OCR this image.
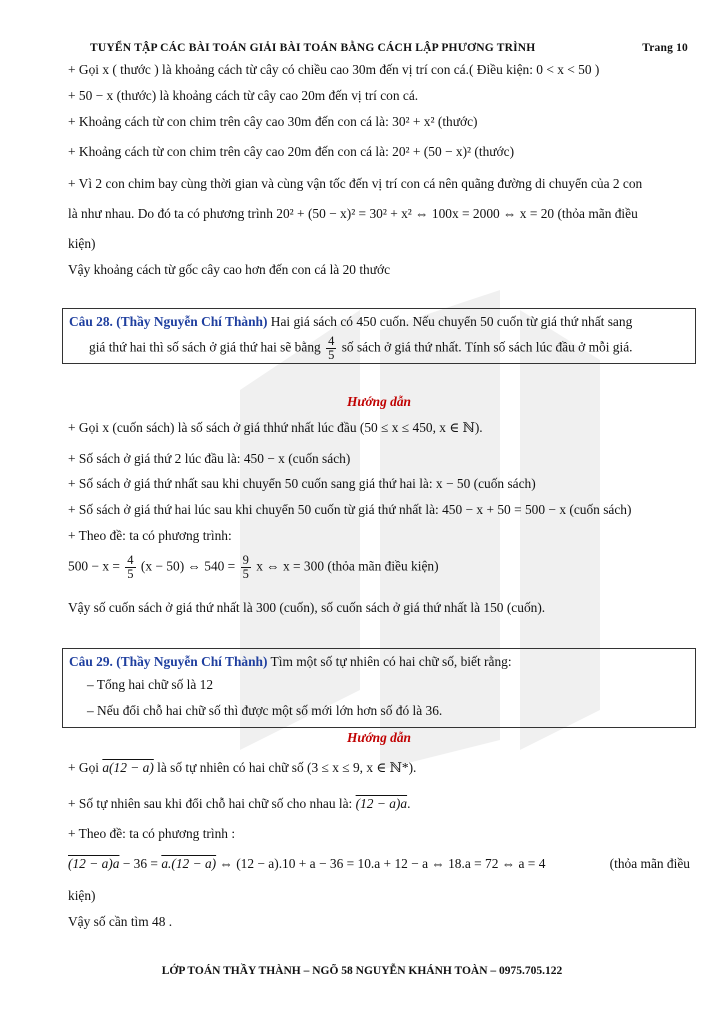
TUYỂN TẬP CÁC BÀI TOÁN GIẢI BÀI TOÁN BẰNG CÁCH LẬP PHƯƠNG TRÌNH	Trang 10
+ Gọi x ( thước ) là khoảng cách từ cây có chiều cao 30m đến vị trí con cá.( Điều kiện: 0 < x < 50 )
+ 50 − x (thước) là khoảng cách từ cây cao 20m đến vị trí con cá.
+ Khoảng cách từ con chim trên cây cao 30m đến con cá là: 30² + x² (thước)
+ Khoảng cách từ con chim trên cây cao 20m đến con cá là: 20² + (50 − x)² (thước)
+ Vì 2 con chim bay cùng thời gian và cùng vận tốc đến vị trí con cá nên quãng đường di chuyển của 2 con
là như nhau. Do đó ta có phương trình 20² + (50 − x)² = 30² + x² ⇔ 100x = 2000 ⇔ x = 20 (thỏa mãn điều
kiện)
Vậy khoảng cách từ gốc cây cao hơn đến con cá là 20 thước
Câu 28. (Thầy Nguyễn Chí Thành) Hai giá sách có 450 cuốn. Nếu chuyển 50 cuốn từ giá thứ nhất sang
giá thứ hai thì số sách ở giá thứ hai sẽ bằng $\frac{4}{5}$ số sách ở giá thứ nhất. Tính số sách lúc đầu ở mỗi giá.
Hướng dẫn
+ Gọi x (cuốn sách) là số sách ở giá thhứ nhất lúc đầu (50 ≤ x ≤ 450, x ∈ ℕ).
+ Số sách ở giá thứ 2 lúc đầu là: 450 − x (cuốn sách)
+ Số sách ở giá thứ nhất sau khi chuyển 50 cuốn sang giá thứ hai là: x − 50 (cuốn sách)
+ Số sách ở giá thứ hai lúc sau khi chuyển 50 cuốn từ giá thứ nhất là: 450 − x + 50 = 500 − x (cuốn sách)
+ Theo đề: ta có phương trình:
$500 - x = \frac{4}{5} (x - 50)$ ⇔ $540 = \frac{9}{5}$ x ⇔ x = 300 (thỏa mãn điều kiện)
Vậy số cuốn sách ở giá thứ nhất là 300 (cuốn), số cuốn sách ở giá thứ nhất là 150 (cuốn).
Câu 29. (Thầy Nguyễn Chí Thành) Tìm một số tự nhiên có hai chữ số, biết rằng:
– Tổng hai chữ số là 12
– Nếu đổi chỗ hai chữ số thì được một số mới lớn hơn số đó là 36.
Hướng dẫn
+ Gọi a(12 − a) là số tự nhiên có hai chữ số (3 ≤ x ≤ 9, x ∈ ℕ*).
+ Số tự nhiên sau khi đổi chỗ hai chữ số cho nhau là: (12 − a)a.
+ Theo đề: ta có phương trình :
(12 − a)a − 36 = a.(12 − a) ⇔ (12 − a).10 + a − 36 = 10.a + 12 − a ⇔ 18.a = 72 ⇔ a = 4	(thỏa mãn điều
kiện)
Vậy số cần tìm 48 .
LỚP TOÁN THẦY THÀNH – NGÕ 58 NGUYỄN KHÁNH TOÀN – 0975.705.122
